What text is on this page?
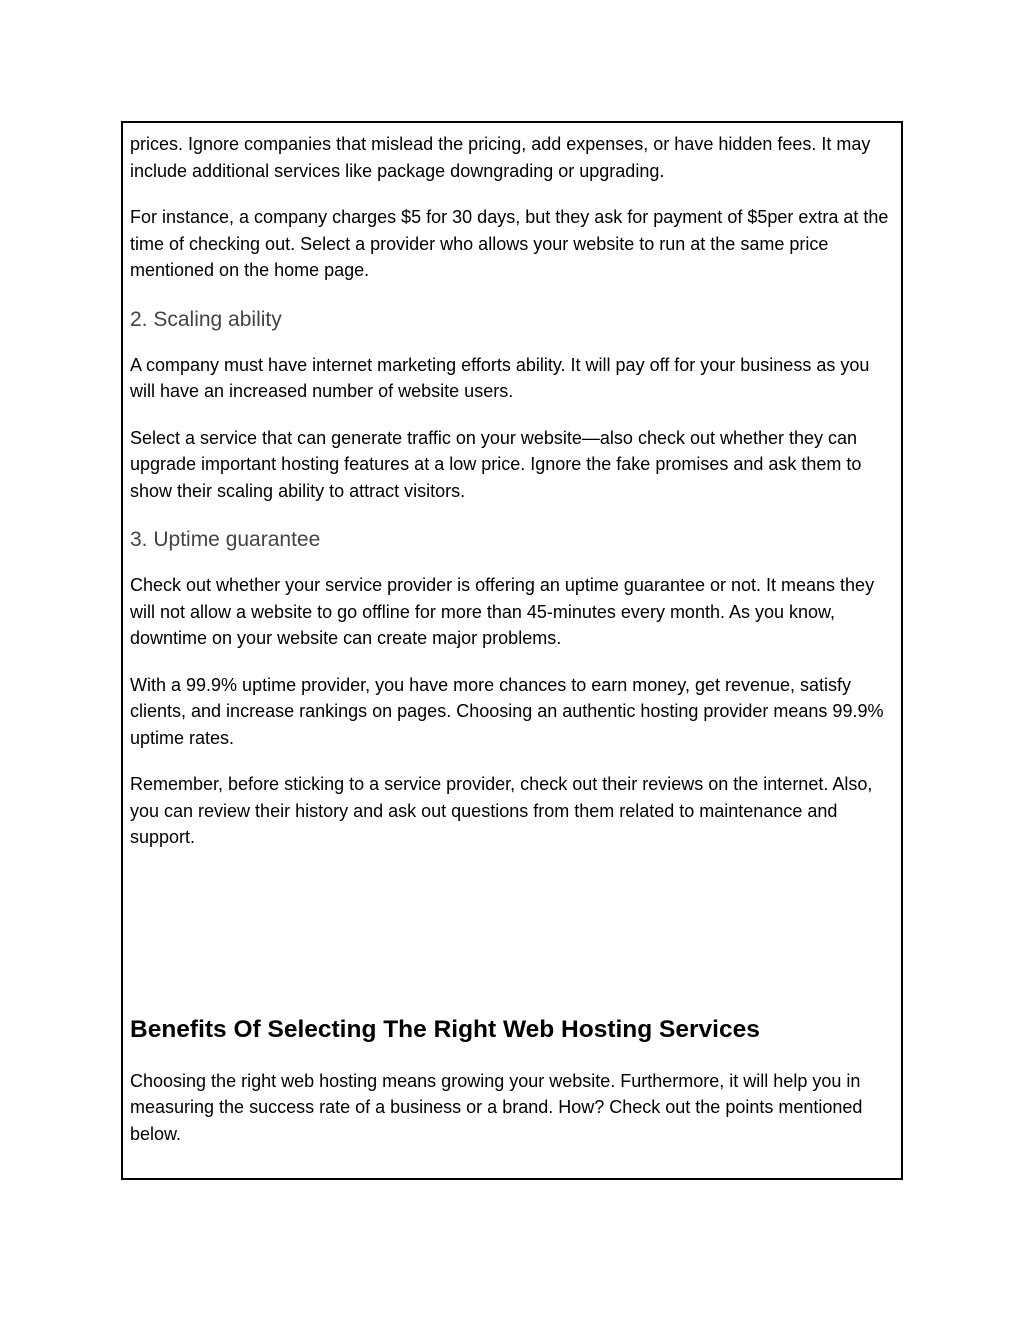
prices. Ignore companies that mislead the pricing, add expenses, or have hidden fees. It may include additional services like package downgrading or upgrading.

For instance, a company charges $5 for 30 days, but they ask for payment of $5per extra at the time of checking out. Select a provider who allows your website to run at the same price mentioned on the home page.

2. Scaling ability

A company must have internet marketing efforts ability. It will pay off for your business as you will have an increased number of website users.

Select a service that can generate traffic on your website—also check out whether they can upgrade important hosting features at a low price. Ignore the fake promises and ask them to show their scaling ability to attract visitors.

3. Uptime guarantee

Check out whether your service provider is offering an uptime guarantee or not. It means they will not allow a website to go offline for more than 45-minutes every month. As you know, downtime on your website can create major problems.

With a 99.9% uptime provider, you have more chances to earn money, get revenue, satisfy clients, and increase rankings on pages. Choosing an authentic hosting provider means 99.9% uptime rates.

Remember, before sticking to a service provider, check out their reviews on the internet. Also, you can review their history and ask out questions from them related to maintenance and support.

Benefits Of Selecting The Right Web Hosting Services

Choosing the right web hosting means growing your website. Furthermore, it will help you in measuring the success rate of a business or a brand. How? Check out the points mentioned below.
